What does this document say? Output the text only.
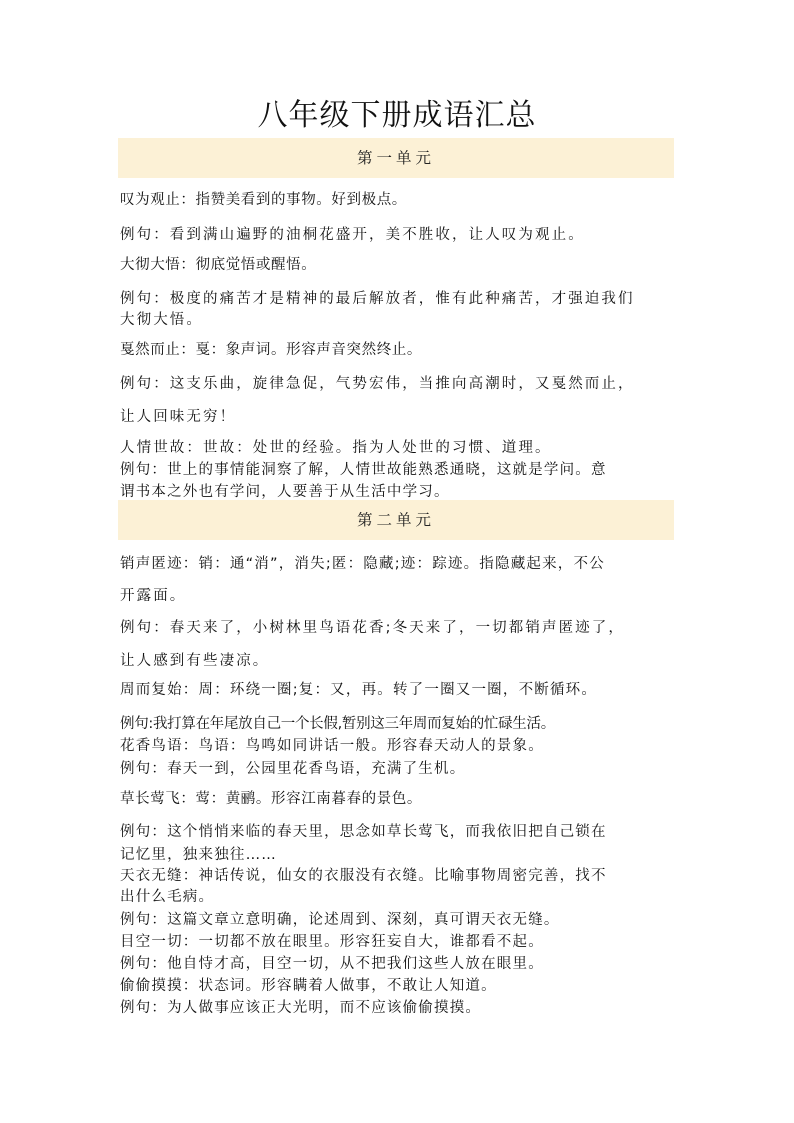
八年级下册成语汇总
第一单元
叹为观止：指赞美看到的事物。好到极点。
例句：看到满山遍野的油桐花盛开，美不胜收，让人叹为观止。
大彻大悟：彻底觉悟或醒悟。
例句：极度的痛苦才是精神的最后解放者，惟有此种痛苦，才强迫我们
大彻大悟。
戛然而止：戛：象声词。形容声音突然终止。
例句：这支乐曲，旋律急促，气势宏伟，当推向高潮时，又戛然而止，
让人回味无穷！
人情世故：世故：处世的经验。指为人处世的习惯、道理。
例句：世上的事情能洞察了解，人情世故能熟悉通晓，这就是学问。意
谓书本之外也有学问，人要善于从生活中学习。
第二单元
销声匿迹：销：通“消”，消失;匿：隐藏;迹：踪迹。指隐藏起来，不公
开露面。
例句：春天来了，小树林里鸟语花香;冬天来了，一切都销声匿迹了，
让人感到有些凄凉。
周而复始：周：环绕一圈;复：又，再。转了一圈又一圈，不断循环。
例句:我打算在年尾放自己一个长假,暂别这三年周而复始的忙碌生活。
花香鸟语：鸟语：鸟鸣如同讲话一般。形容春天动人的景象。
例句：春天一到，公园里花香鸟语，充满了生机。
草长莺飞：莺：黄鹂。形容江南暮春的景色。
例句：这个悄悄来临的春天里，思念如草长莺飞，而我依旧把自己锁在
记忆里，独来独往……
天衣无缝：神话传说，仙女的衣服没有衣缝。比喻事物周密完善，找不
出什么毛病。
例句：这篇文章立意明确，论述周到、深刻，真可谓天衣无缝。
目空一切：一切都不放在眼里。形容狂妄自大，谁都看不起。
例句：他自恃才高，目空一切，从不把我们这些人放在眼里。
偷偷摸摸：状态词。形容瞒着人做事，不敢让人知道。
例句：为人做事应该正大光明，而不应该偷偷摸摸。
